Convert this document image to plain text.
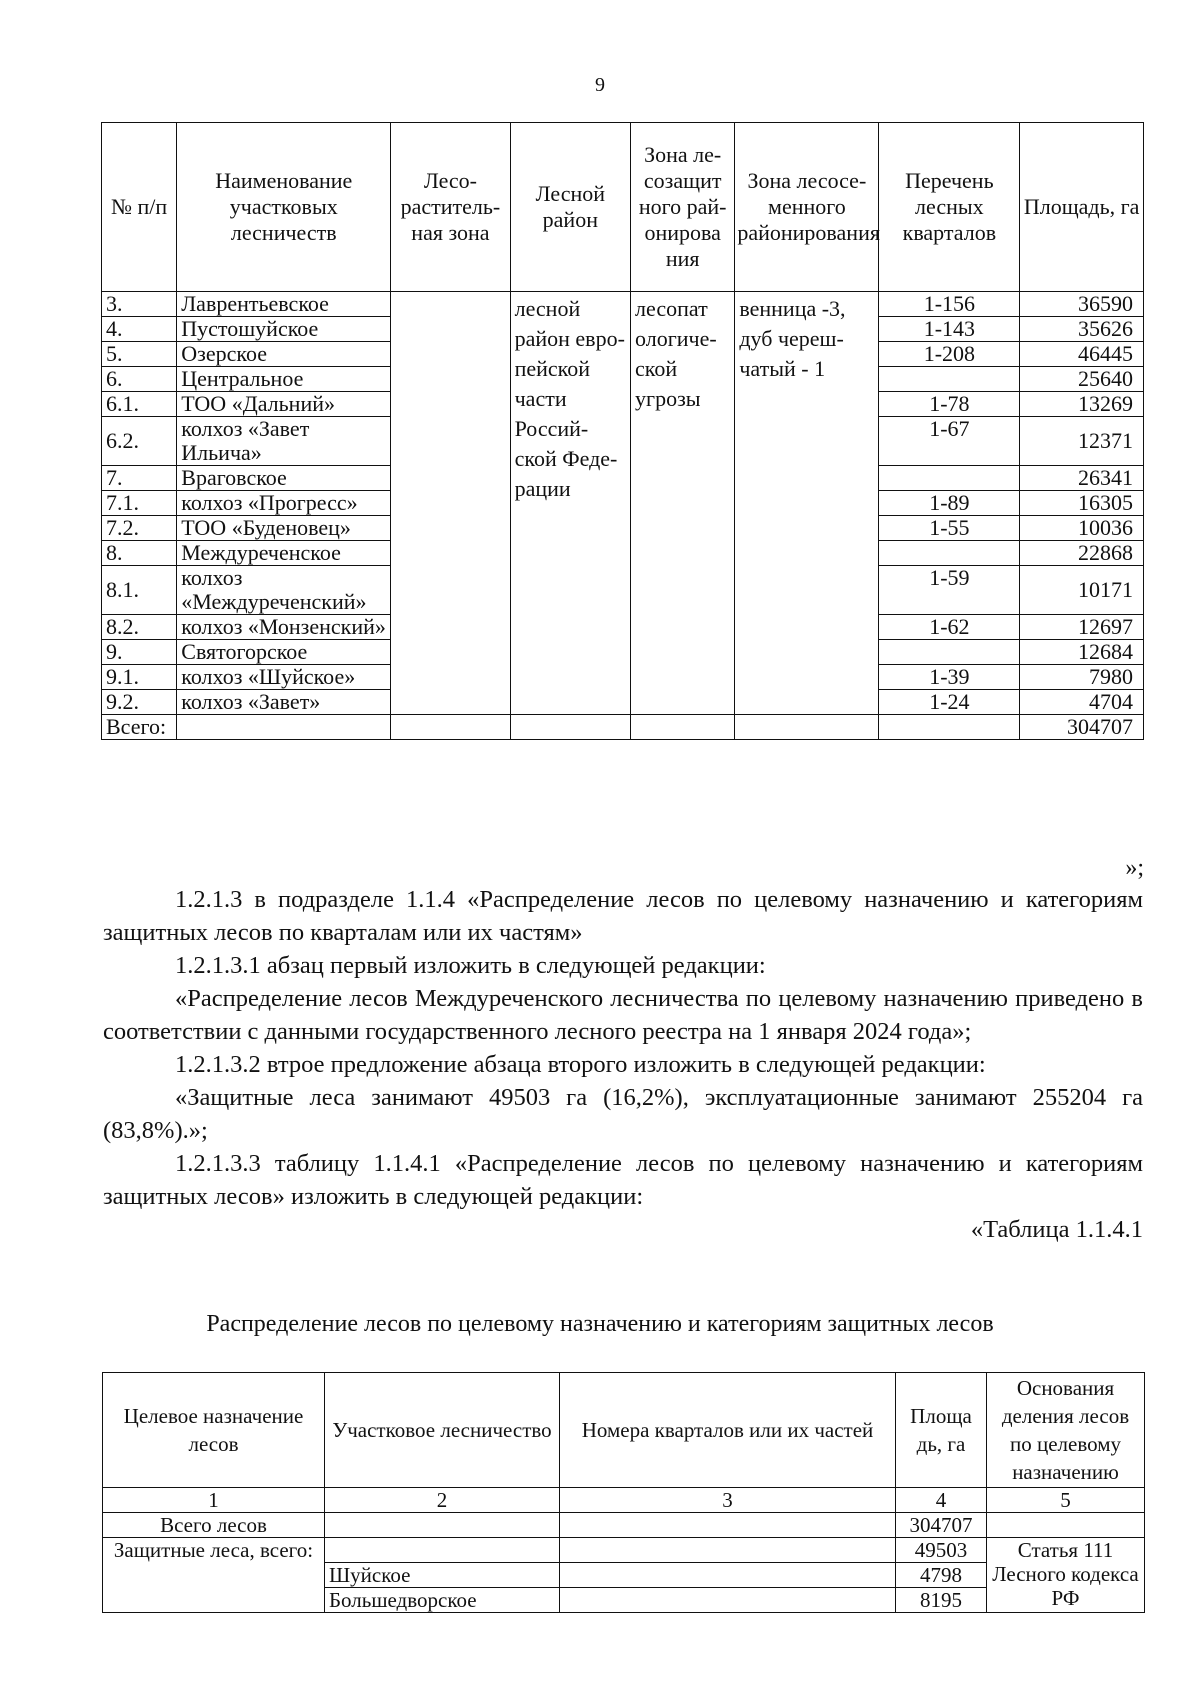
9
№ п/п	Наименование участковых лесничеств	Лесо-раститель-ная зона	Лесной район	Зона ле-созащит ного рай-онирова ния	Зона лесосе-менного районирования	Перечень лесных кварталов	Площадь, га
3.	Лаврентьевское		лесной район евро-пейской части Россий-ской Феде-рации	лесопат ологиче-ской угрозы	венница -3, дуб череш-чатый - 1	1-156	36590
4.	Пустошуйское					1-143	35626
5.	Озерское					1-208	46445
6.	Центральное						25640
6.1.	ТОО «Дальний»					1-78	13269
6.2.	колхоз «Завет Ильича»					1-67	12371
7.	Враговское						26341
7.1.	колхоз «Прогресс»					1-89	16305
7.2.	ТОО «Буденовец»					1-55	10036
8.	Междуреченское						22868
8.1.	колхоз «Междуреченский»					1-59	10171
8.2.	колхоз «Монзенский»					1-62	12697
9.	Святогорское						12684
9.1.	колхоз «Шуйское»					1-39	7980
9.2.	колхоз «Завет»					1-24	4704
Всего:							304707
»;

1.2.1.3 в подразделе 1.1.4 «Распределение лесов по целевому назначению и категориям защитных лесов по кварталам или их частям»

1.2.1.3.1 абзац первый изложить в следующей редакции:

«Распределение лесов Междуреченского лесничества по целевому назначению приведено в соответствии с данными государственного лесного реестра на 1 января 2024 года»;

1.2.1.3.2 втрое предложение абзаца второго изложить в следующей редакции:

«Защитные леса занимают 49503 га (16,2%), эксплуатационные занимают 255204 га (83,8%).»;

1.2.1.3.3 таблицу 1.1.4.1 «Распределение лесов по целевому назначению и категориям защитных лесов» изложить в следующей редакции:

«Таблица 1.1.4.1

Распределение лесов по целевому назначению и категориям защитных лесов
Целевое назначение лесов	Участковое лесничество	Номера кварталов или их частей	Площа дь, га	Основания деления лесов по целевому назначению
1	2	3	4	5
Всего лесов			304707	
Защитные леса, всего:			49503	Статья 111 Лесного кодекса РФ
	Шуйское		4798	
	Большедворское		8195	
